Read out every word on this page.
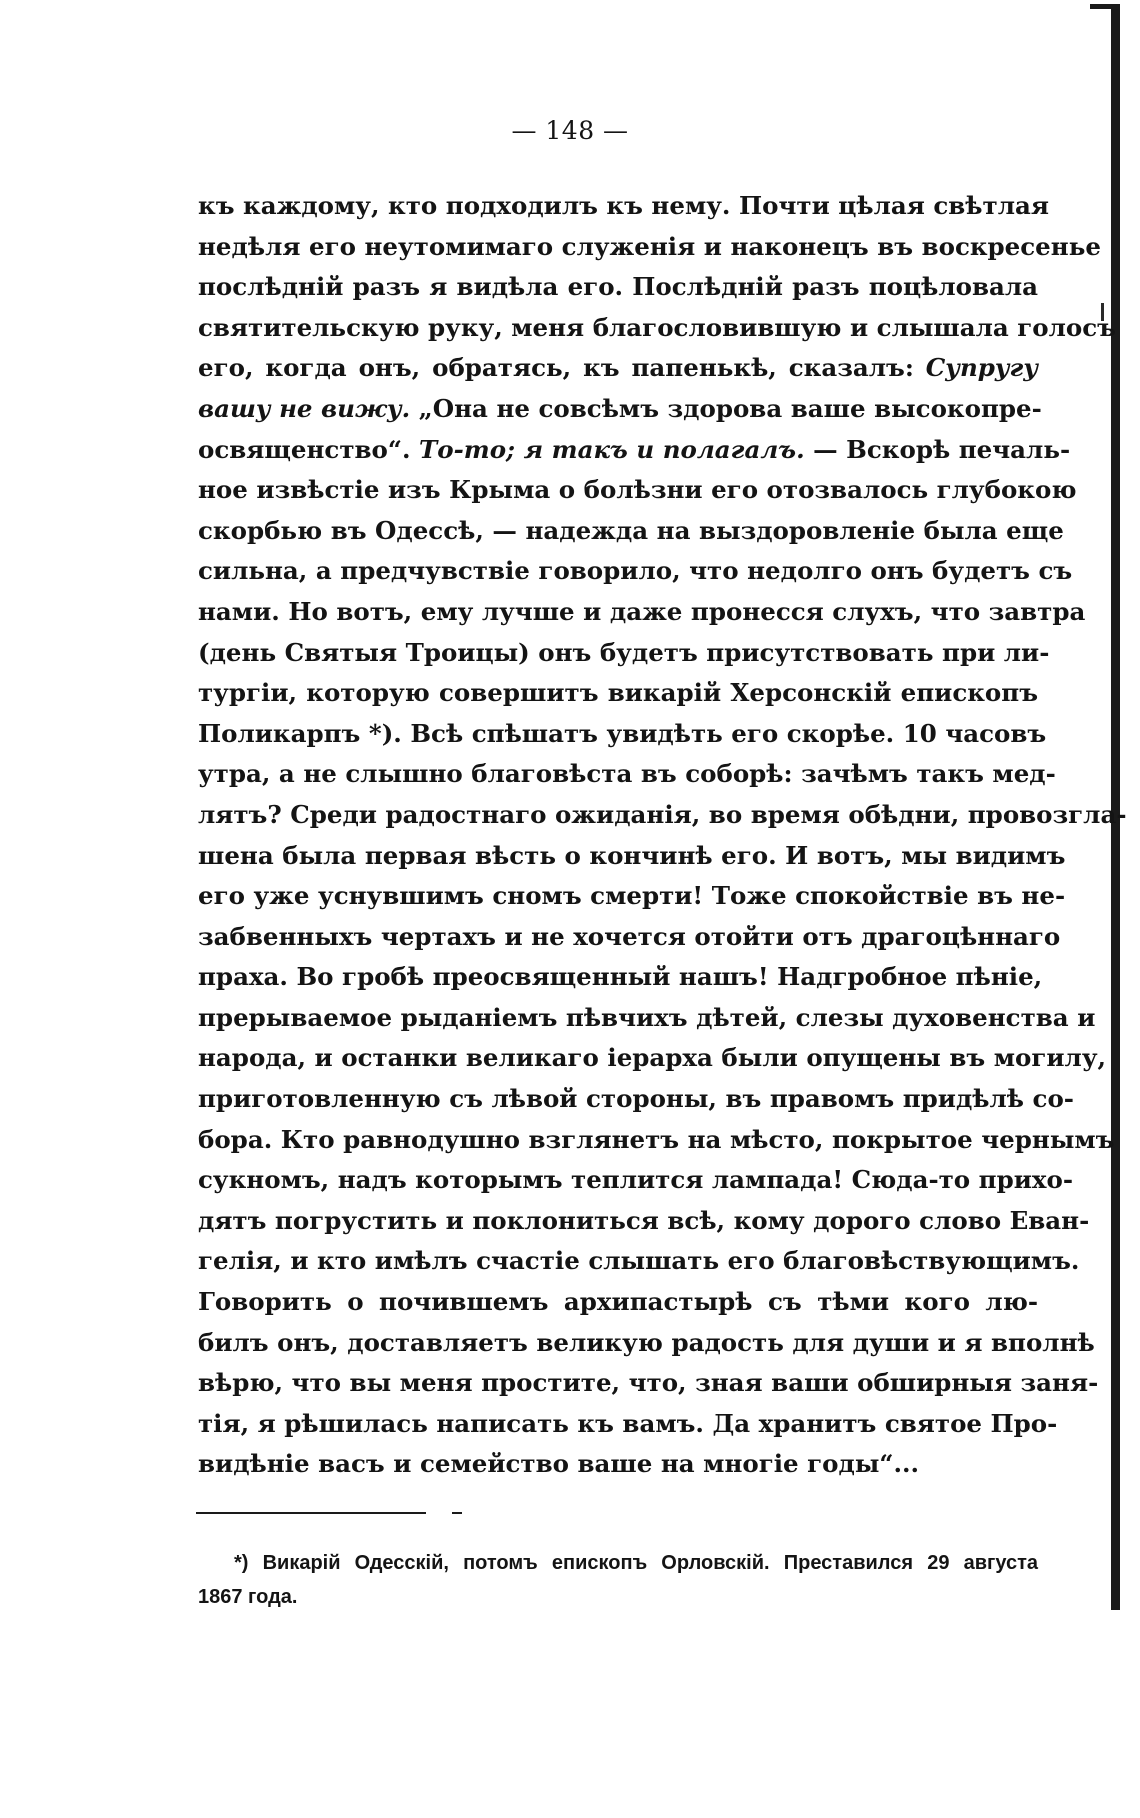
— 148 —
къ каждому, кто подходилъ къ нему. Почти цѣлая свѣтлая
недѣля его неутомимаго служенія и наконецъ въ воскресенье
послѣдній разъ я видѣла его. Послѣдній разъ поцѣловала
святительскую руку, меня благословившую и слышала голосъ
его, когда онъ, обратясь, къ папенькѣ, сказалъ: Супругу
вашу не вижу. „Она не совсѣмъ здорова ваше высокопре-
освященство“. То-то; я такъ и полагалъ. — Вскорѣ печаль-
ное извѣстіе изъ Крыма о болѣзни его отозвалось глубокою
скорбью въ Одессѣ, — надежда на выздоровленіе была еще
сильна, а предчувствіе говорило, что недолго онъ будетъ съ
нами. Но вотъ, ему лучше и даже пронесся слухъ, что завтра
(день Святыя Троицы) онъ будетъ присутствовать при ли-
тургіи, которую совершитъ викарій Херсонскій епископъ
Поликарпъ *). Всѣ спѣшатъ увидѣть его скорѣе. 10 часовъ
утра, а не слышно благовѣста въ соборѣ: зачѣмъ такъ мед-
лятъ? Среди радостнаго ожиданія, во время обѣдни, провозгла-
шена была первая вѣсть о кончинѣ его. И вотъ, мы видимъ
его уже уснувшимъ сномъ смерти! Тоже спокойствіе въ не-
забвенныхъ чертахъ и не хочется отойти отъ драгоцѣннаго
праха. Во гробѣ преосвященный нашъ! Надгробное пѣніе,
прерываемое рыданіемъ пѣвчихъ дѣтей, слезы духовенства и
народа, и останки великаго іерарха были опущены въ могилу,
приготовленную съ лѣвой стороны, въ правомъ придѣлѣ со-
бора. Кто равнодушно взглянетъ на мѣсто, покрытое чернымъ
сукномъ, надъ которымъ теплится лампада! Сюда-то прихо-
дятъ погрустить и поклониться всѣ, кому дорого слово Еван-
гелія, и кто имѣлъ счастіе слышать его благовѣствующимъ.
Говорить о почившемъ архипастырѣ съ тѣми кого лю-
билъ онъ, доставляетъ великую радость для души и я вполнѣ
вѣрю, что вы меня простите, что, зная ваши обширныя заня-
тія, я рѣшилась написать къ вамъ. Да хранитъ святое Про-
видѣніе васъ и семейство ваше на многіе годы“...
*) Викарій Одесскій, потомъ епископъ Орловскій. Преставился 29 августа
1867 года.
